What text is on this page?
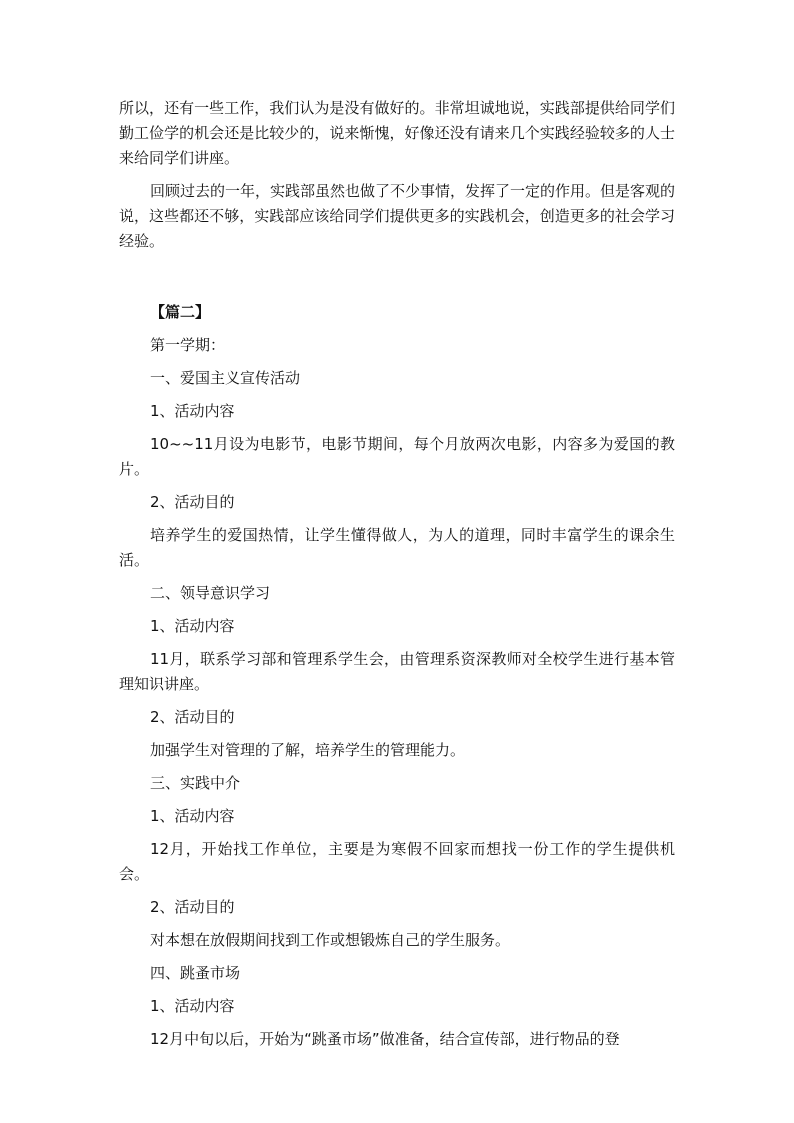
所以，还有一些工作，我们认为是没有做好的。非常坦诚地说，实践部提供给同学们勤工俭学的机会还是比较少的，说来惭愧，好像还没有请来几个实践经验较多的人士来给同学们讲座。

回顾过去的一年，实践部虽然也做了不少事情，发挥了一定的作用。但是客观的说，这些都还不够，实践部应该给同学们提供更多的实践机会，创造更多的社会学习经验。

【篇二】

第一学期：

一、爱国主义宣传活动

1、活动内容

10~~11月设为电影节，电影节期间，每个月放两次电影，内容多为爱国的教片。

2、活动目的

培养学生的爱国热情，让学生懂得做人，为人的道理，同时丰富学生的课余生活。

二、领导意识学习

1、活动内容

11月，联系学习部和管理系学生会，由管理系资深教师对全校学生进行基本管理知识讲座。

2、活动目的

加强学生对管理的了解，培养学生的管理能力。

三、实践中介

1、活动内容

12月，开始找工作单位，主要是为寒假不回家而想找一份工作的学生提供机会。

2、活动目的

对本想在放假期间找到工作或想锻炼自己的学生服务。

四、跳蚤市场

1、活动内容

12月中旬以后，开始为“跳蚤市场”做准备，结合宣传部，进行物品的登
